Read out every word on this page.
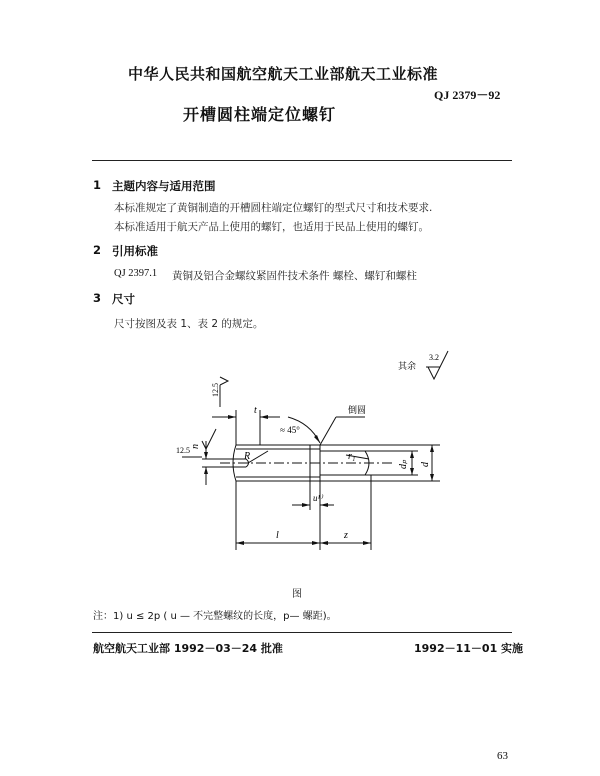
中华人民共和国航空航天工业部航天工业标准
QJ 2379－92
开槽圆柱端定位螺钉
1 主题内容与适用范围
本标准规定了黄铜制造的开槽圆柱端定位螺钉的型式尺寸和技术要求.
本标准适用于航天产品上使用的螺钉，也适用于民品上使用的螺钉。
2 引用标准
QJ 2397.1 黄铜及铝合金螺纹紧固件技术条件 螺栓、螺钉和螺柱
3 尺寸
尺寸按图及表 1、表 2 的规定。
其余
3.2
12.5
12.5
倒圆
≈ 45°
t
n
R	r₁
dₚ d
u¹⁾
l	z
图
注：1) u ≤ 2p ( u — 不完整螺纹的长度，p— 螺距)。
航空航天工业部 1992－03－24 批准	1992－11－01 实施
63
